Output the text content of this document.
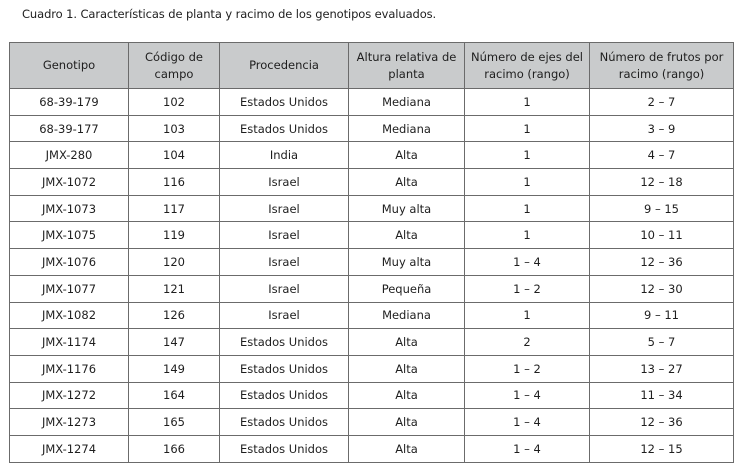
Cuadro 1. Características de planta y racimo de los genotipos evaluados.
Genotipo	Código de campo	Procedencia	Altura relativa de planta	Número de ejes del racimo (rango)	Número de frutos por racimo (rango)
68-39-179	102	Estados Unidos	Mediana	1	2 – 7
68-39-177	103	Estados Unidos	Mediana	1	3 – 9
JMX-280	104	India	Alta	1	4 – 7
JMX-1072	116	Israel	Alta	1	12 – 18
JMX-1073	117	Israel	Muy alta	1	9 – 15
JMX-1075	119	Israel	Alta	1	10 – 11
JMX-1076	120	Israel	Muy alta	1 – 4	12 – 36
JMX-1077	121	Israel	Pequeña	1 – 2	12 – 30
JMX-1082	126	Israel	Mediana	1	9 – 11
JMX-1174	147	Estados Unidos	Alta	2	5 – 7
JMX-1176	149	Estados Unidos	Alta	1 – 2	13 – 27
JMX-1272	164	Estados Unidos	Alta	1 – 4	11 – 34
JMX-1273	165	Estados Unidos	Alta	1 – 4	12 – 36
JMX-1274	166	Estados Unidos	Alta	1 – 4	12 – 15
